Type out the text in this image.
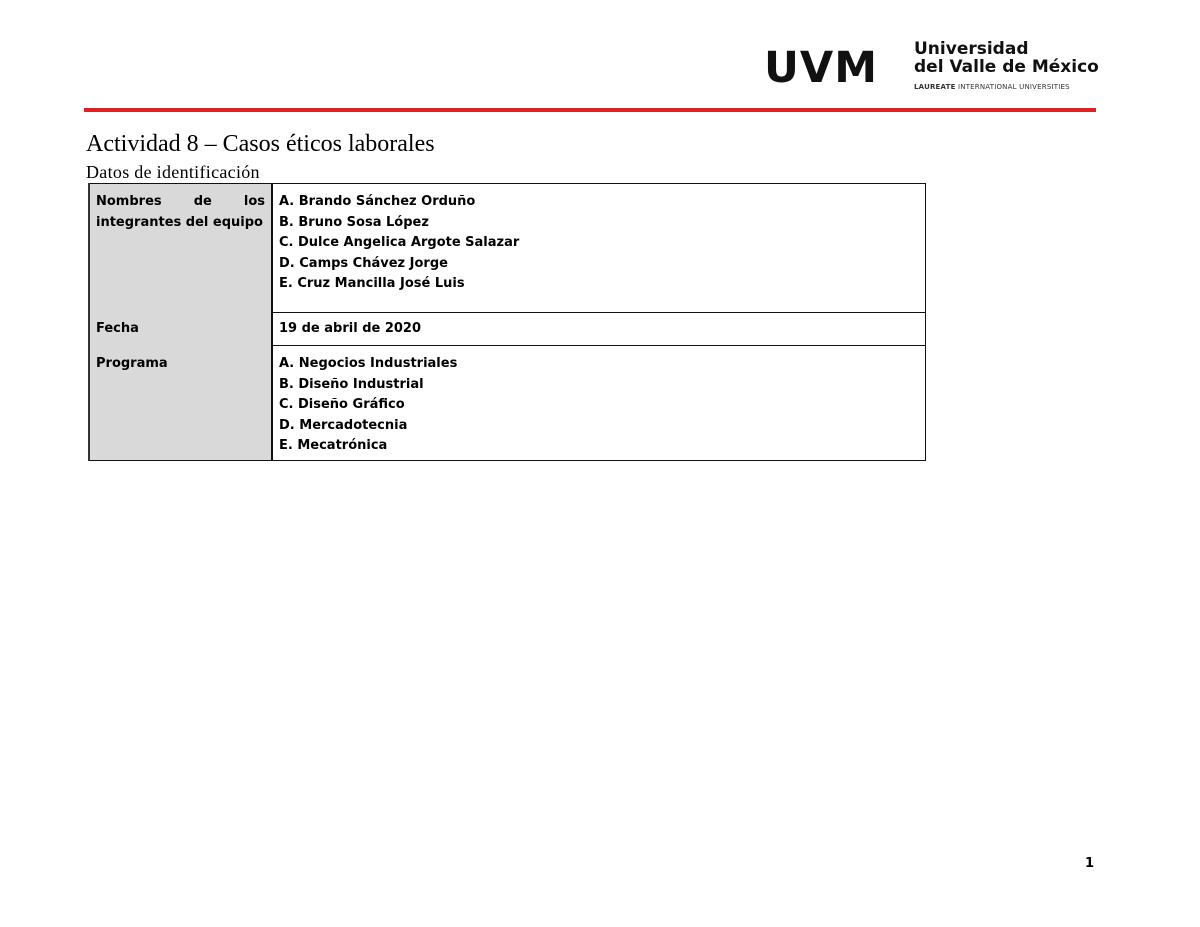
UVM Universidad
del Valle de México
LAUREATE INTERNATIONAL UNIVERSITIES
Actividad 8 – Casos éticos laborales
Datos de identificación
Nombres de los
integrantes del equipo	A. Brando Sánchez Orduño
B. Bruno Sosa López
C. Dulce Angelica Argote Salazar
D. Camps Chávez Jorge
E. Cruz Mancilla José Luis

Fecha	19 de abril de 2020

Programa	A. Negocios Industriales
B. Diseño Industrial
C. Diseño Gráfico
D. Mercadotecnia
E. Mecatrónica
1
